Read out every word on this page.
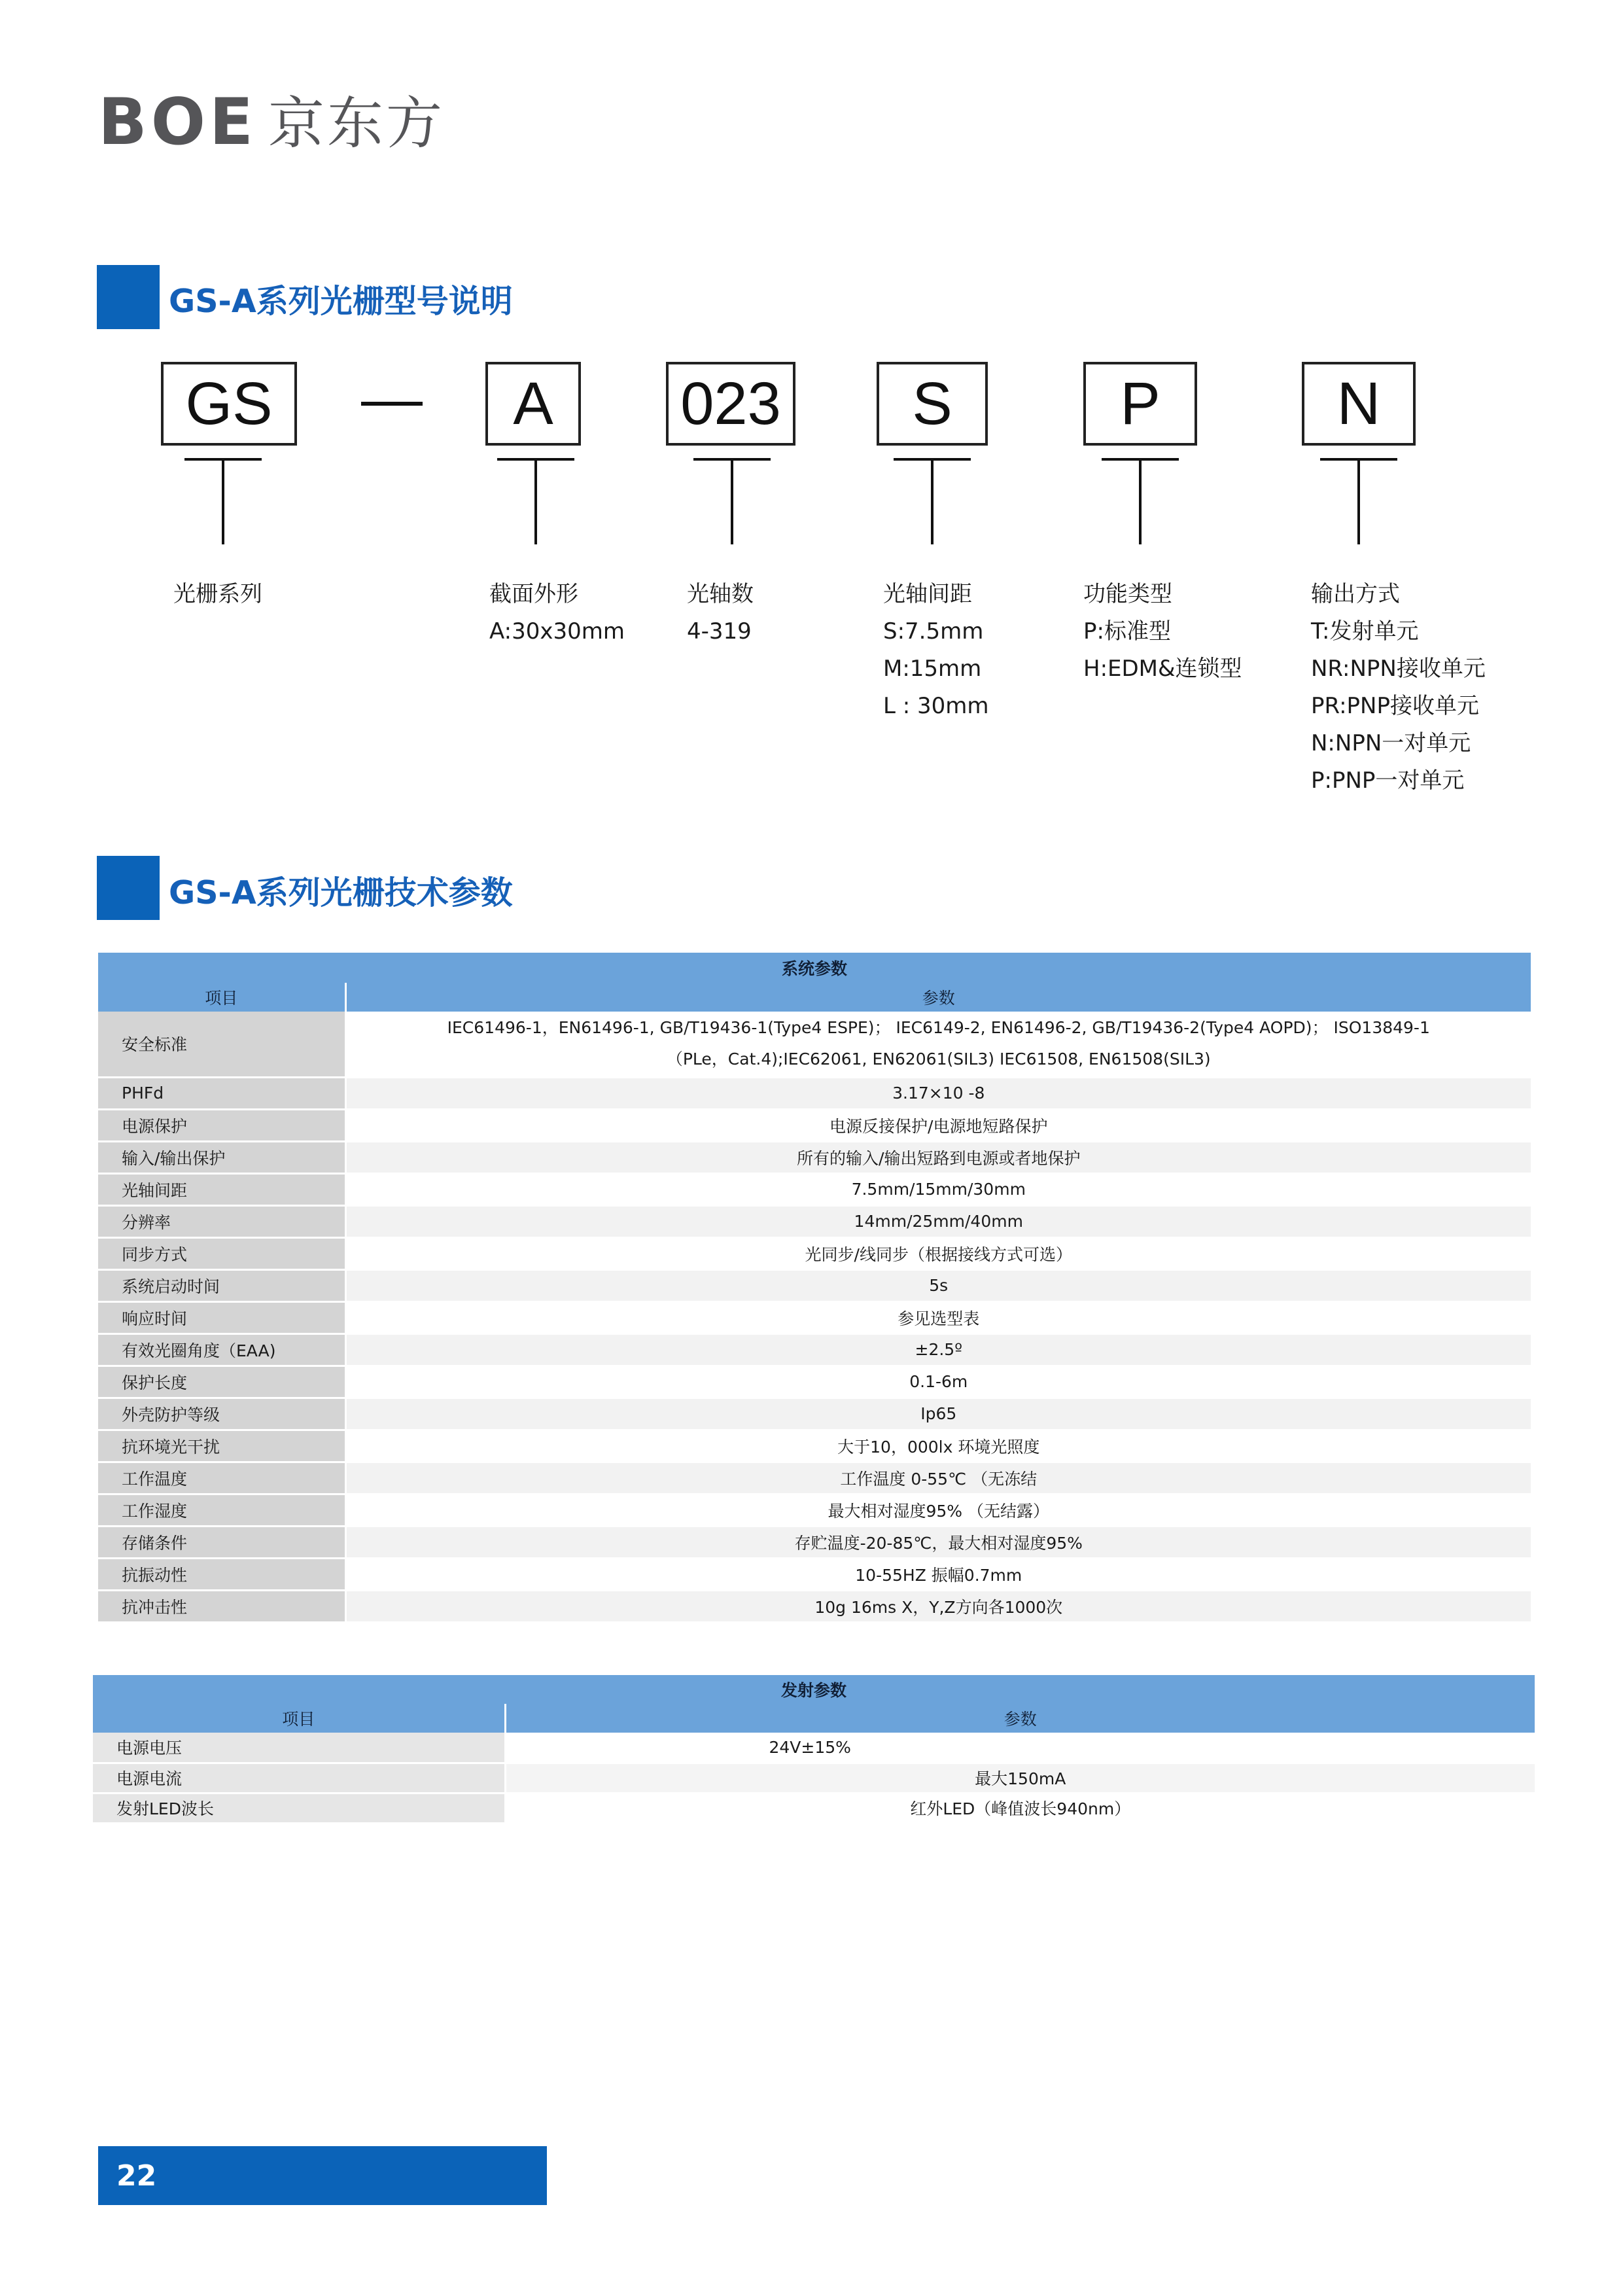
BOE 京东方
GS-A系列光栅型号说明
GS	A	023	S	P	N
光栅系列	截面外形
A:30x30mm
光轴数
4-319
光轴间距
S:7.5mm
M:15mm
L : 30mm
功能类型
P:标准型
H:EDM&连锁型
输出方式
T:发射单元
NR:NPN接收单元
PR:PNP接收单元
N:NPN一对单元
P:PNP一对单元
GS-A系列光栅技术参数
系统参数	
项目	参数
安全标准	IEC61496-1，EN61496-1, GB/T19436-1(Type4 ESPE)； IEC6149-2, EN61496-2, GB/T19436-2(Type4 AOPD)； ISO13849-1
（PLe，Cat.4);IEC62061, EN62061(SIL3) IEC61508, EN61508(SIL3)

PHFd	3.17×10 -8
电源保护	电源反接保护/电源地短路保护
输入/输出保护	所有的输入/输出短路到电源或者地保护
光轴间距	7.5mm/15mm/30mm
分辨率	14mm/25mm/40mm
同步方式	光同步/线同步（根据接线方式可选）
系统启动时间	5s
响应时间	参见选型表
有效光圈角度（EAA)	±2.5º
保护长度	0.1-6m
外壳防护等级	Ip65
抗环境光干扰	大于10，000lx 环境光照度
工作温度	工作温度 0-55℃ （无冻结
工作湿度	最大相对湿度95% （无结露）
存储条件	存贮温度-20-85℃，最大相对湿度95%
抗振动性	10-55HZ 振幅0.7mm
抗冲击性	10g 16ms X，Y,Z方向各1000次
发射参数	
项目	参数
电源电压	24V±15%
电源电流	最大150mA
发射LED波长	红外LED（峰值波长940nm）
22
